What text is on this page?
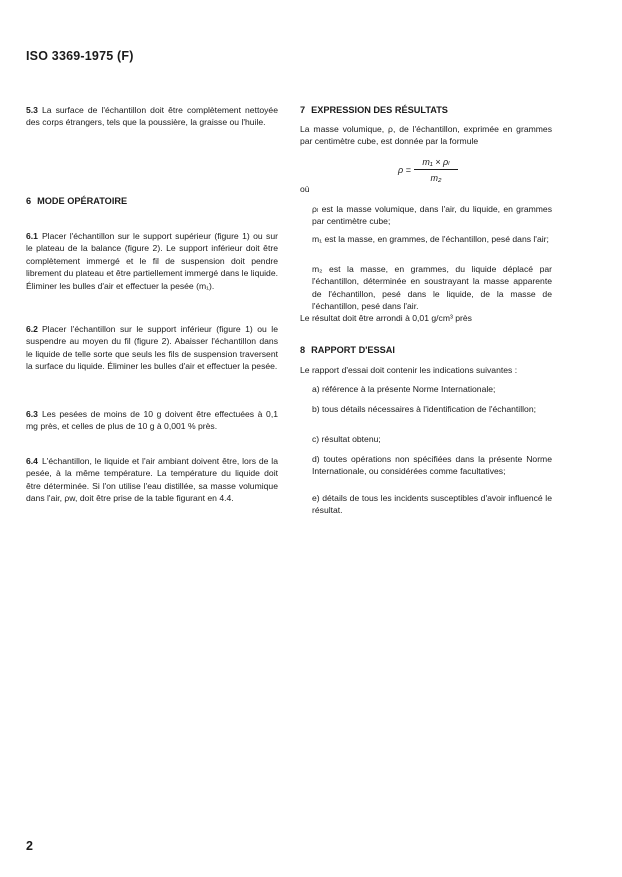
ISO 3369-1975 (F)
5.3 La surface de l'échantillon doit être complètement nettoyée des corps étrangers, tels que la poussière, la graisse ou l'huile.
6 MODE OPÉRATOIRE
6.1 Placer l'échantillon sur le support supérieur (figure 1) ou sur le plateau de la balance (figure 2). Le support inférieur doit être complètement immergé et le fil de suspension doit pendre librement du plateau et être partiellement immergé dans le liquide. Éliminer les bulles d'air et effectuer la pesée (m₁).
6.2 Placer l'échantillon sur le support inférieur (figure 1) ou le suspendre au moyen du fil (figure 2). Abaisser l'échantillon dans le liquide de telle sorte que seuls les fils de suspension traversent la surface du liquide. Éliminer les bulles d'air et effectuer la pesée.
6.3 Les pesées de moins de 10 g doivent être effectuées à 0,1 mg près, et celles de plus de 10 g à 0,001 % près.
6.4 L'échantillon, le liquide et l'air ambiant doivent être, lors de la pesée, à la même température. La température du liquide doit être déterminée. Si l'on utilise l'eau distillée, sa masse volumique dans l'air, ρw, doit être prise de la table figurant en 4.4.
7 EXPRESSION DES RÉSULTATS
La masse volumique, ρ, de l'échantillon, exprimée en grammes par centimètre cube, est donnée par la formule
ρ =
m₁ × ρₗ
m₂
où
ρₗ est la masse volumique, dans l'air, du liquide, en grammes par centimètre cube;
m₁ est la masse, en grammes, de l'échantillon, pesé dans l'air;
m₂ est la masse, en grammes, du liquide déplacé par l'échantillon, déterminée en soustrayant la masse apparente de l'échantillon, pesé dans le liquide, de la masse de l'échantillon, pesé dans l'air.
Le résultat doit être arrondi à 0,01 g/cm³ près
8 RAPPORT D'ESSAI
Le rapport d'essai doit contenir les indications suivantes :
a) référence à la présente Norme Internationale;
b) tous détails nécessaires à l'identification de l'échantillon;
c) résultat obtenu;
d) toutes opérations non spécifiées dans la présente Norme Internationale, ou considérées comme facultatives;
e) détails de tous les incidents susceptibles d'avoir influencé le résultat.
2
